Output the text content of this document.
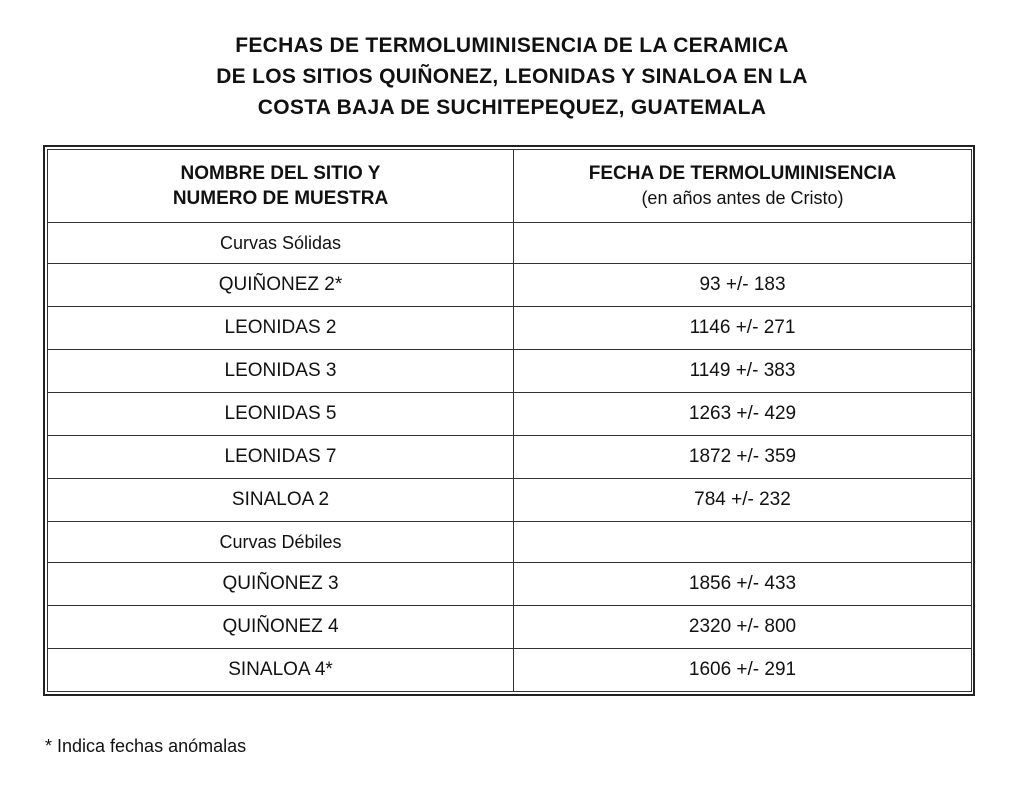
FECHAS DE TERMOLUMINISENCIA DE LA CERAMICA
DE LOS SITIOS QUIÑONEZ, LEONIDAS Y SINALOA EN LA
COSTA BAJA DE SUCHITEPEQUEZ, GUATEMALA
NOMBRE DEL SITIO Y
NUMERO DE MUESTRA	FECHA DE TERMOLUMINISENCIA
(en años antes de Cristo)

Curvas Sólidas	
QUIÑONEZ 2*	93 +/- 183
LEONIDAS 2	1146 +/- 271
LEONIDAS 3	1149 +/- 383
LEONIDAS 5	1263 +/- 429
LEONIDAS 7	1872 +/- 359
SINALOA 2	784 +/- 232
Curvas Débiles	
QUIÑONEZ 3	1856 +/- 433
QUIÑONEZ 4	2320 +/- 800
SINALOA 4*	1606 +/- 291
* Indica fechas anómalas
